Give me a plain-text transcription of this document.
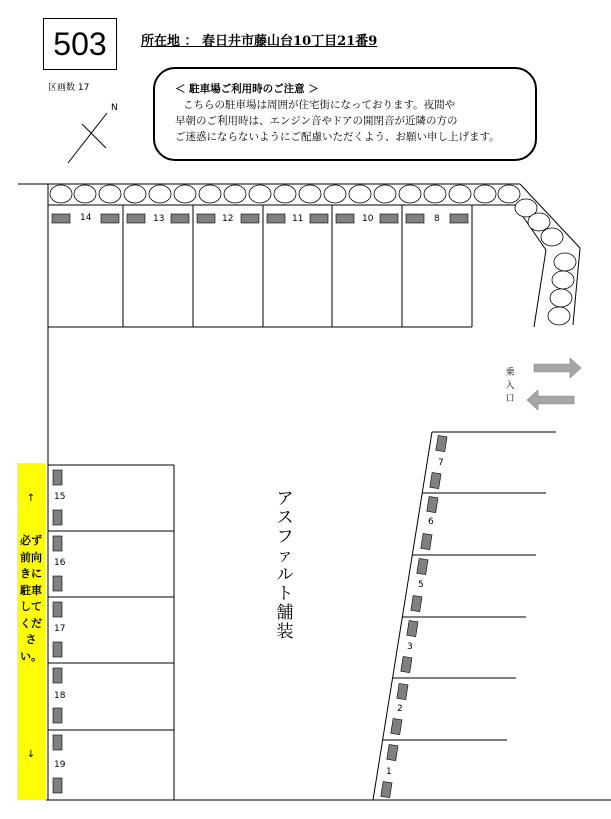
503	所在地 ： 春日井市藤山台10丁目21番9
区画数 17	＜ 駐車場ご利用時のご注意 ＞
こちらの駐車場は周囲が住宅街になっております。夜間や
早朝のご利用時は、エンジン音やドアの開閉音が近隣の方の
ご迷惑にならないようにご配慮いただくよう、お願い申し上げます。
N
14	13	12	11	10	8
15
16
17
18
19
7
6
5
3
2
1
↑
必ず前向きに駐車してください。
↓
アスファルト舗装
乗入口
